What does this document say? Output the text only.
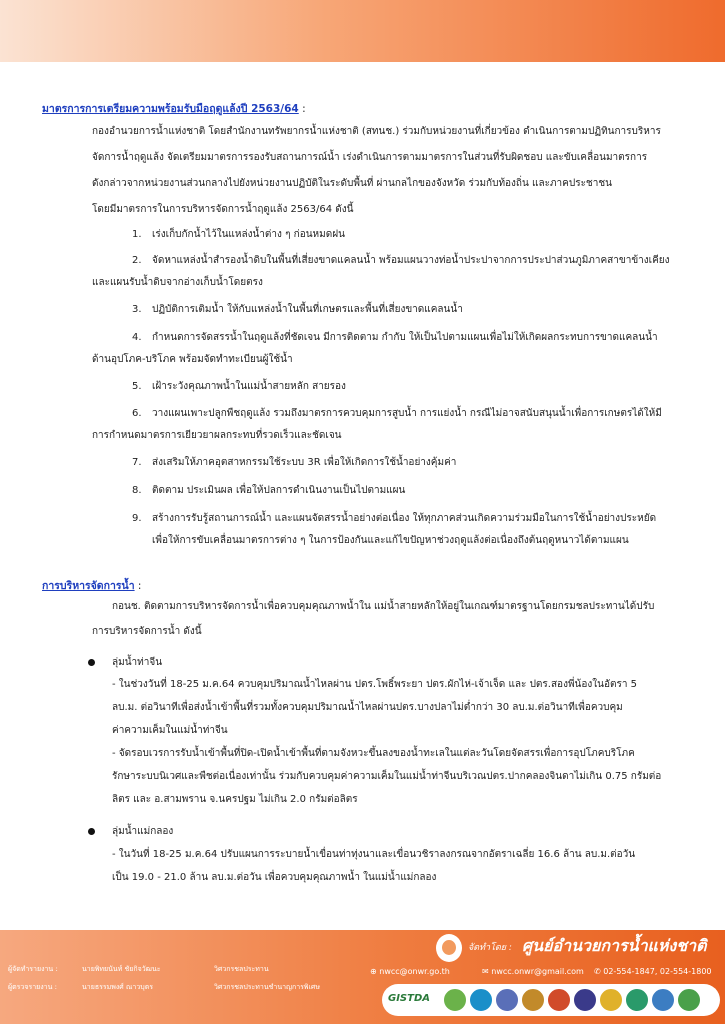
มาตรการการเตรียมความพร้อมรับมือฤดูแล้งปี 2563/64 :
กองอำนวยการน้ำแห่งชาติ โดยสำนักงานทรัพยากรน้ำแห่งชาติ (สทนช.) ร่วมกับหน่วยงานที่เกี่ยวข้อง ดำเนินการตามปฏิทินการบริหาร
จัดการน้ำฤดูแล้ง จัดเตรียมมาตรการรองรับสถานการณ์น้ำ เร่งดำเนินการตามมาตรการในส่วนที่รับผิดชอบ และขับเคลื่อนมาตรการ
ดังกล่าวจากหน่วยงานส่วนกลางไปยังหน่วยงานปฏิบัติในระดับพื้นที่ ผ่านกลไกของจังหวัด ร่วมกับท้องถิ่น และภาคประชาชน
โดยมีมาตรการในการบริหารจัดการน้ำฤดูแล้ง 2563/64 ดังนี้
1. เร่งเก็บกักน้ำไว้ในแหล่งน้ำต่าง ๆ ก่อนหมดฝน
2. จัดหาแหล่งน้ำสำรองน้ำดิบในพื้นที่เสี่ยงขาดแคลนน้ำ พร้อมแผนวางท่อน้ำประปาจากการประปาส่วนภูมิภาคสาขาข้างเคียง
และแผนรับน้ำดิบจากอ่างเก็บน้ำโดยตรง
3. ปฏิบัติการเติมน้ำ ให้กับแหล่งน้ำในพื้นที่เกษตรและพื้นที่เสี่ยงขาดแคลนน้ำ
4. กำหนดการจัดสรรน้ำในฤดูแล้งที่ชัดเจน มีการติดตาม กำกับ ให้เป็นไปตามแผนเพื่อไม่ให้เกิดผลกระทบการขาดแคลนน้ำ
ด้านอุปโภค-บริโภค พร้อมจัดทำทะเบียนผู้ใช้น้ำ
5. เฝ้าระวังคุณภาพน้ำในแม่น้ำสายหลัก สายรอง
6. วางแผนเพาะปลูกพืชฤดูแล้ง รวมถึงมาตรการควบคุมการสูบน้ำ การแย่งน้ำ กรณีไม่อาจสนับสนุนน้ำเพื่อการเกษตรได้ให้มี
การกำหนดมาตรการเยียวยาผลกระทบที่รวดเร็วและชัดเจน
7. ส่งเสริมให้ภาคอุตสาหกรรมใช้ระบบ 3R เพื่อให้เกิดการใช้น้ำอย่างคุ้มค่า
8. ติดตาม ประเมินผล เพื่อให้ปลการดำเนินงานเป็นไปตามแผน
9. สร้างการรับรู้สถานการณ์น้ำ และแผนจัดสรรน้ำอย่างต่อเนื่อง ให้ทุกภาคส่วนเกิดความร่วมมือในการใช้น้ำอย่างประหยัด
เพื่อให้การขับเคลื่อนมาตรการต่าง ๆ ในการป้องกันและแก้ไขปัญหาช่วงฤดูแล้งต่อเนื่องถึงต้นฤดูหนาวได้ตามแผน
การบริหารจัดการน้ำ :
กอนช. ติดตามการบริหารจัดการน้ำเพื่อควบคุมคุณภาพน้ำใน แม่น้ำสายหลักให้อยู่ในเกณฑ์มาตรฐานโดยกรมชลประทานได้ปรับ
การบริหารจัดการน้ำ ดังนี้
ลุ่มน้ำท่าจีน
- ในช่วงวันที่ 18-25 ม.ค.64 ควบคุมปริมาณน้ำไหลผ่าน ปตร.โพธิ์พระยา ปตร.ผักไห่-เจ้าเจ็ด และ ปตร.สองพี่น้องในอัตรา 5
ลบ.ม. ต่อวินาทีเพื่อส่งน้ำเข้าพื้นที่รวมทั้งควบคุมปริมาณน้ำไหลผ่านปตร.บางปลาไม่ต่ำกว่า 30 ลบ.ม.ต่อวินาทีเพื่อควบคุม
ค่าความเค็มในแม่น้ำท่าจีน
- จัดรอบเวรการรับน้ำเข้าพื้นที่ปิด-เปิดน้ำเข้าพื้นที่ตามจังหวะขึ้นลงของน้ำทะเลในแต่ละวันโดยจัดสรรเพื่อการอุปโภคบริโภค
รักษาระบบนิเวศและพืชต่อเนื่องเท่านั้น ร่วมกับควบคุมค่าความเค็มในแม่น้ำท่าจีนบริเวณปตร.ปากคลองจินดาไม่เกิน 0.75 กรัมต่อ
ลิตร และ อ.สามพราน จ.นครปฐม ไม่เกิน 2.0 กรัมต่อลิตร
ลุ่มน้ำแม่กลอง
- ในวันที่ 18-25 ม.ค.64 ปรับแผนการระบายน้ำเขื่อนท่าทุ่งนาและเขื่อนวชิราลงกรณจากอัตราเฉลี่ย 16.6 ล้าน ลบ.ม.ต่อวัน
เป็น 19.0 - 21.0 ล้าน ลบ.ม.ต่อวัน เพื่อควบคุมคุณภาพน้ำ ในแม่น้ำแม่กลอง
จัดทำโดย : ศูนย์อำนวยการน้ำแห่งชาติ
ผู้จัดทำรายงาน :	นายพิทยนันท์ ชัยกิจวัฒนะ	วิศวกรชลประทาน
ผู้ตรวจรายงาน :	นายธรรมพงศ์ ณาวบุตร	วิศวกรชลประทานชำนาญการพิเศษ
⊕ nwcc@onwr.go.th	✉ nwcc.onwr@gmail.com ✆ 02-554-1847, 02-554-1800
GISTDA
